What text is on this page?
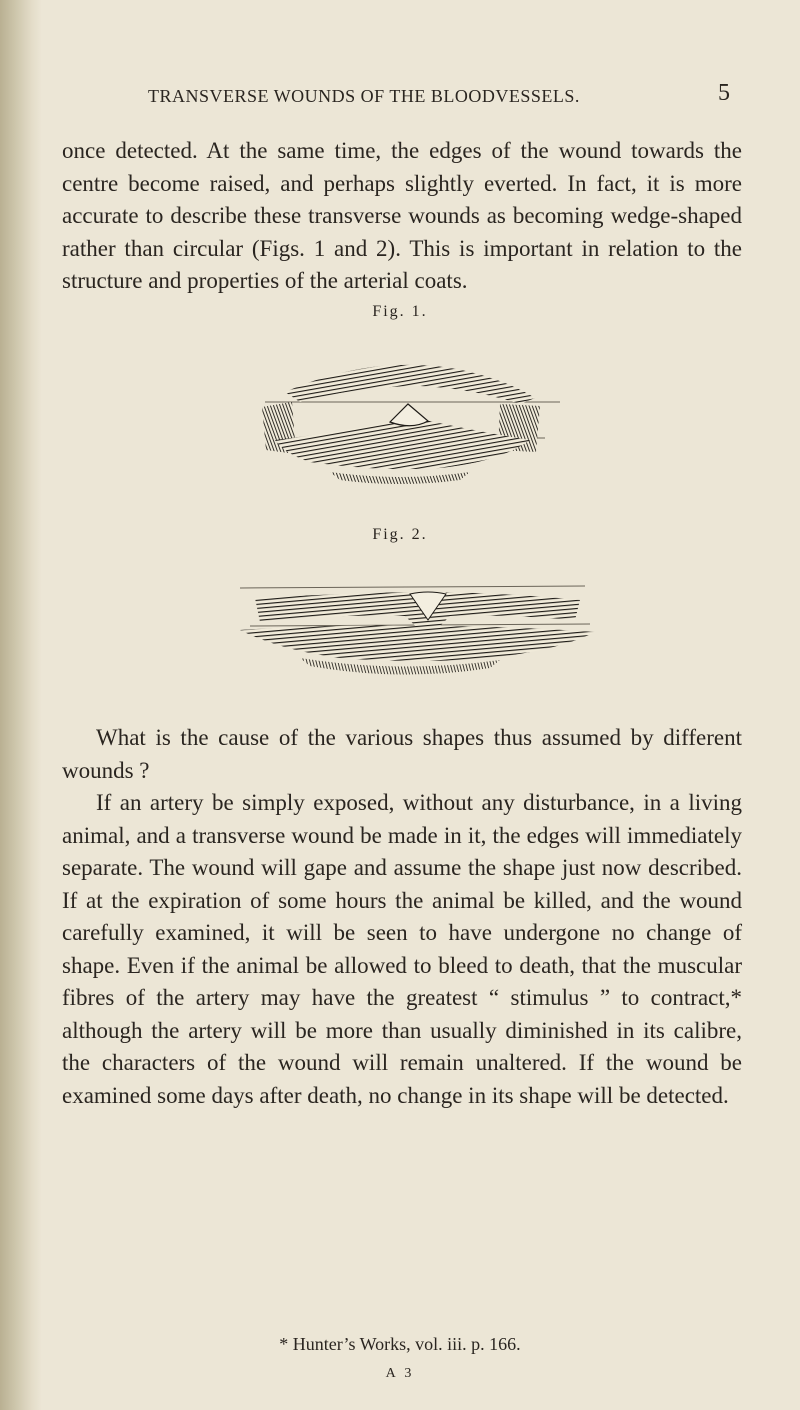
TRANSVERSE WOUNDS OF THE BLOODVESSELS.	5

once detected. At the same time, the edges of the wound towards the centre become raised, and perhaps slightly everted. In fact, it is more accurate to describe these transverse wounds as becoming wedge-shaped rather than circular (Figs. 1 and 2). This is important in relation to the structure and properties of the arterial coats.

Fig. 1.
Fig. 2.

What is the cause of the various shapes thus assumed by different wounds ?

If an artery be simply exposed, without any disturbance, in a living animal, and a transverse wound be made in it, the edges will immediately separate. The wound will gape and assume the shape just now described. If at the expiration of some hours the animal be killed, and the wound carefully examined, it will be seen to have undergone no change of shape. Even if the animal be allowed to bleed to death, that the muscular fibres of the artery may have the greatest “ stimulus ” to contract,* although the artery will be more than usually diminished in its calibre, the characters of the wound will remain unaltered. If the wound be examined some days after death, no change in its shape will be detected.

* Hunter’s Works, vol. iii. p. 166.
A 3
